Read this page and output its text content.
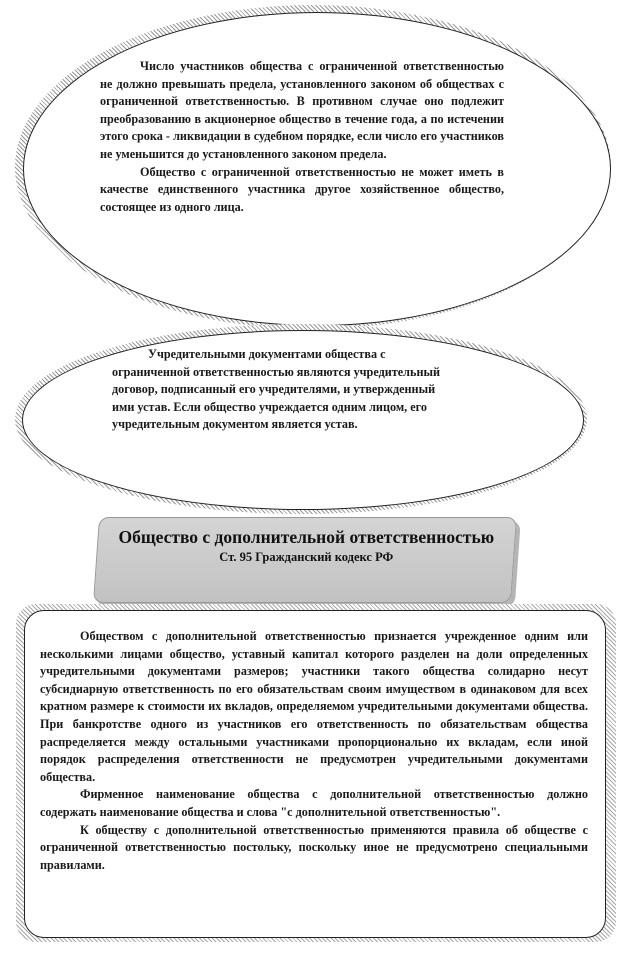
Число участников общества с ограниченной ответственностью не должно превышать предела, установленного законом об обществах с ограниченной ответственностью. В противном случае оно подлежит преобразованию в акционерное общество в течение года, а по истечении этого срока - ликвидации в судебном порядке, если число его участников не уменьшится до установленного законом предела.

Общество с ограниченной ответственностью не может иметь в качестве единственного участника другое хозяйственное общество, состоящее из одного лица.

Учредительными документами общества с ограниченной ответственностью являются учредительный договор, подписанный его учредителями, и утвержденный ими устав. Если общество учреждается одним лицом, его учредительным документом является устав.

Общество с дополнительной ответственностью
Ст. 95 Гражданский кодекс РФ

Обществом с дополнительной ответственностью признается учрежденное одним или несколькими лицами общество, уставный капитал которого разделен на доли определенных учредительными документами размеров; участники такого общества солидарно несут субсидиарную ответственность по его обязательствам своим имуществом в одинаковом для всех кратном размере к стоимости их вкладов, определяемом учредительными документами общества. При банкротстве одного из участников его ответственность по обязательствам общества распределяется между остальными участниками пропорционально их вкладам, если иной порядок распределения ответственности не предусмотрен учредительными документами общества.

Фирменное наименование общества с дополнительной ответственностью должно содержать наименование общества и слова "с дополнительной ответственностью".

К обществу с дополнительной ответственностью применяются правила об обществе с ограниченной ответственностью постольку, поскольку иное не предусмотрено специальными правилами.
